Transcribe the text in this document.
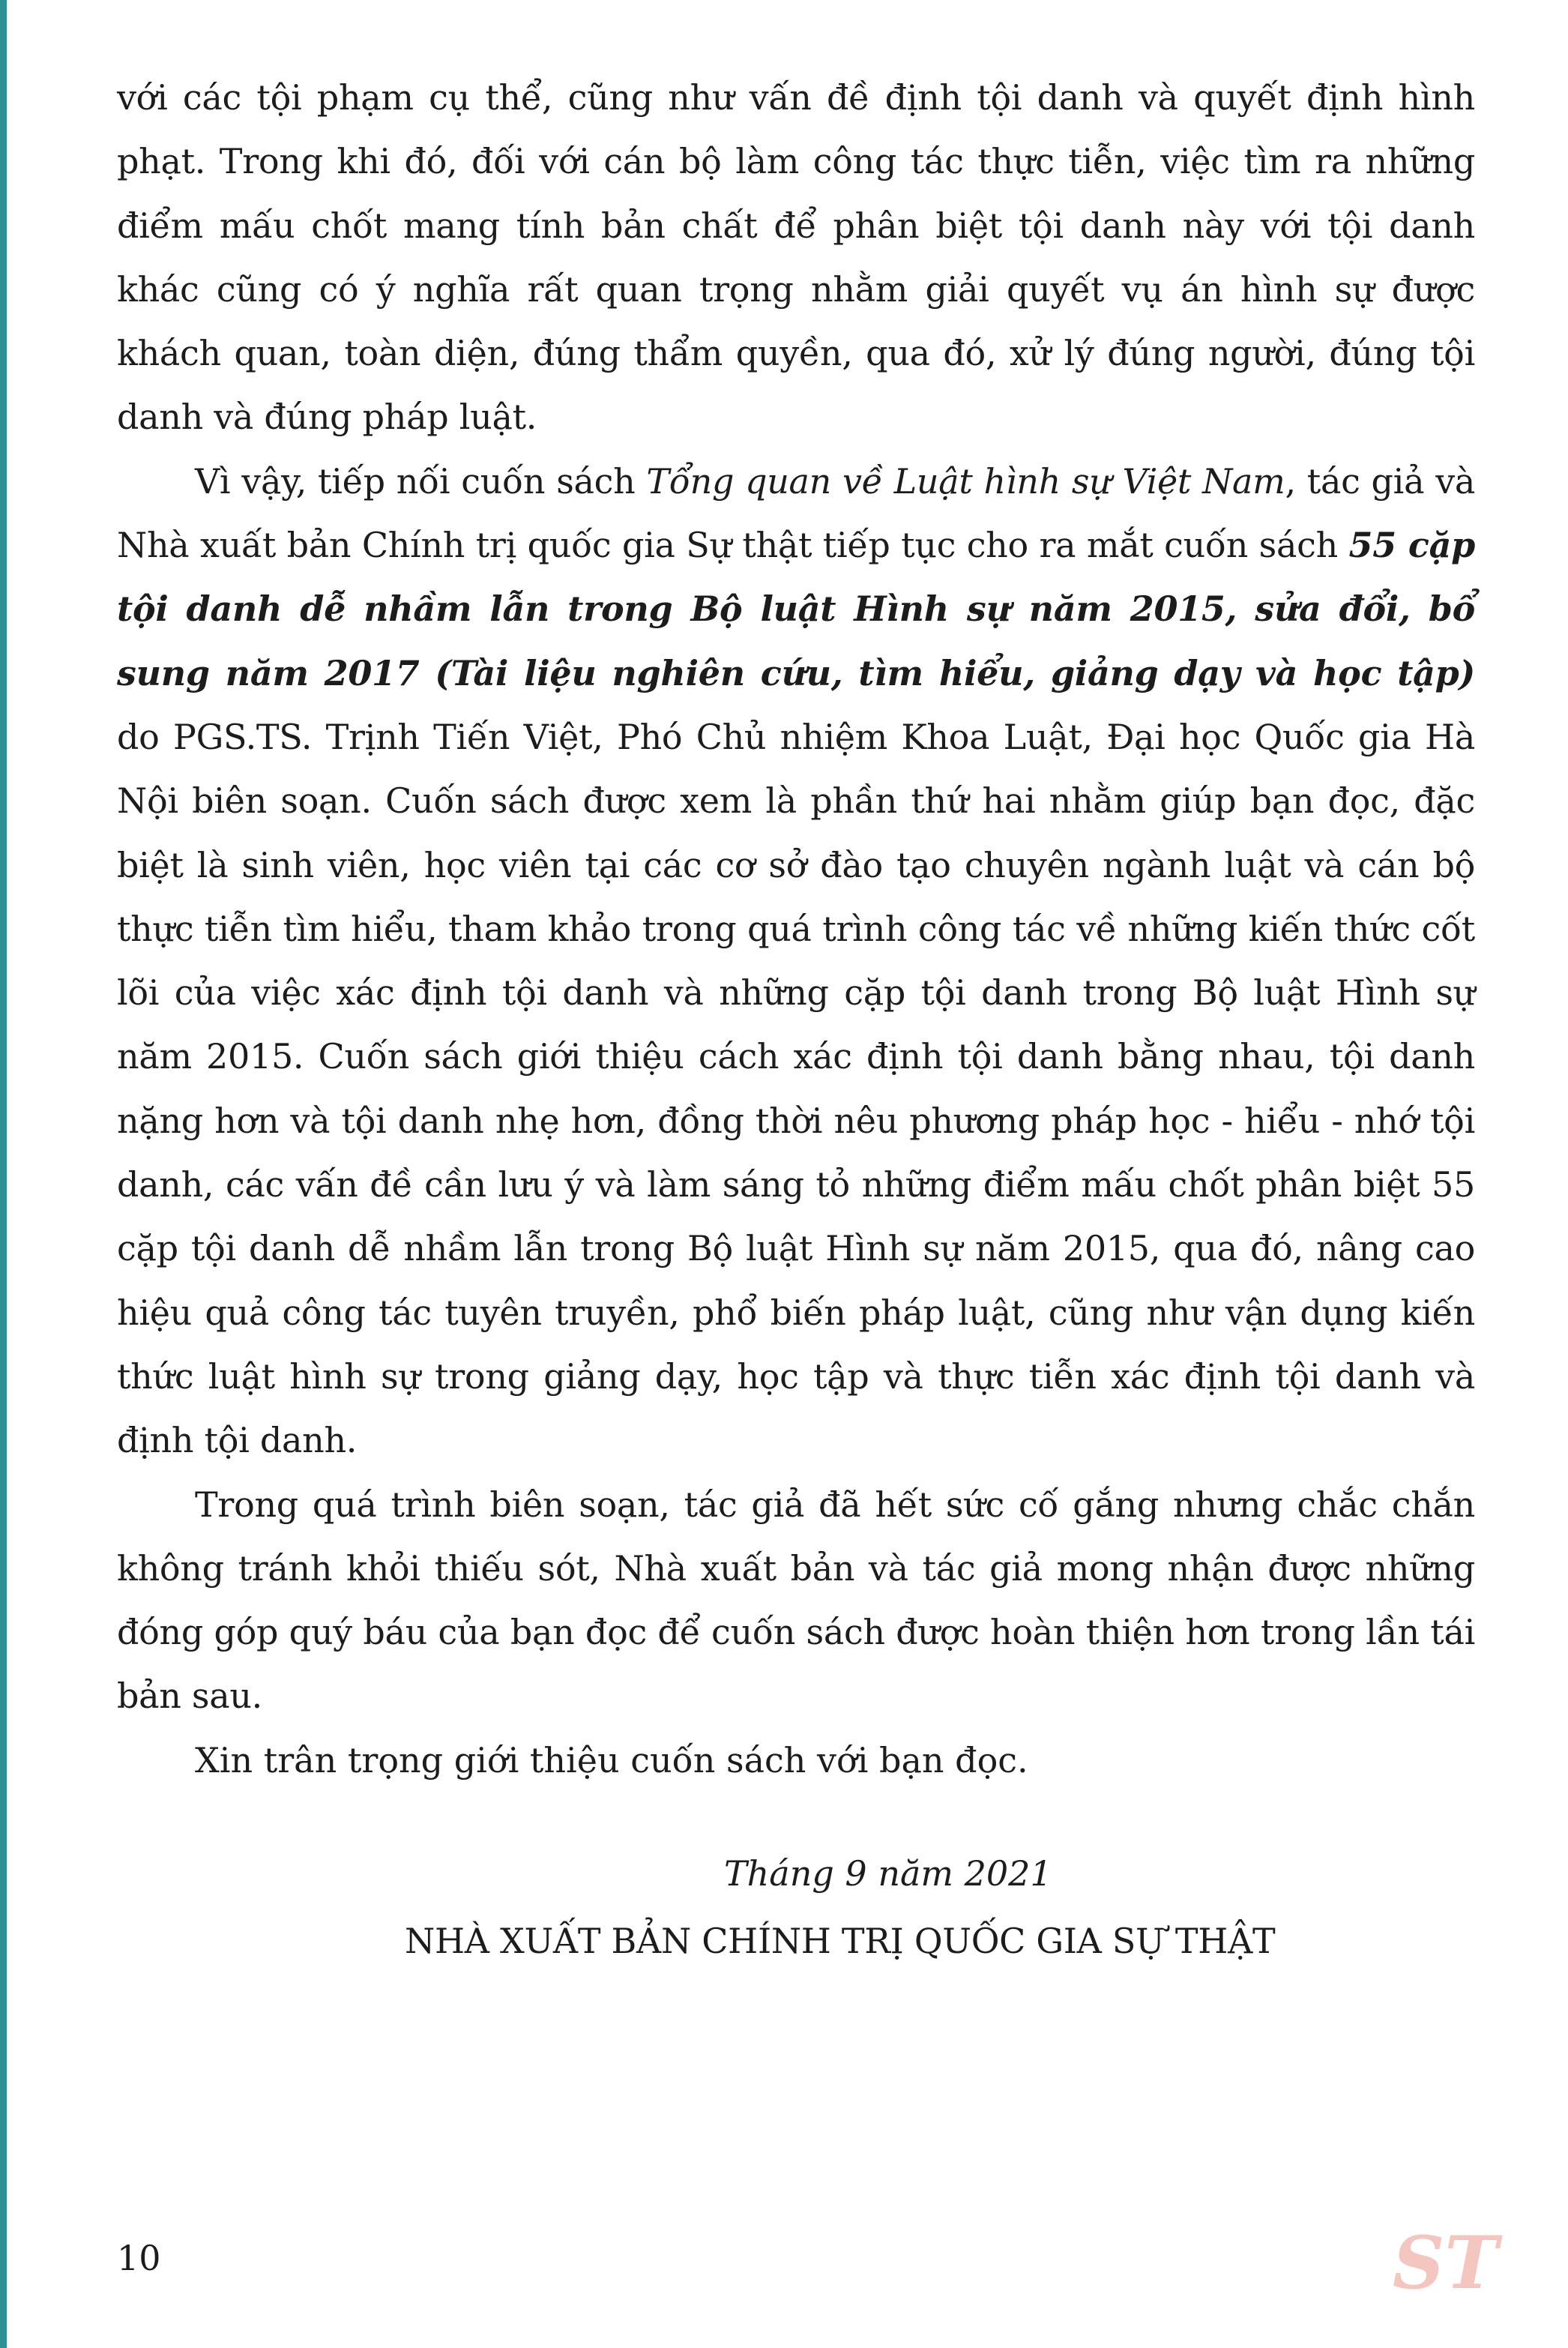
với các tội phạm cụ thể, cũng như vấn đề định tội danh và quyết định hình phạt. Trong khi đó, đối với cán bộ làm công tác thực tiễn, việc tìm ra những điểm mấu chốt mang tính bản chất để phân biệt tội danh này với tội danh khác cũng có ý nghĩa rất quan trọng nhằm giải quyết vụ án hình sự được khách quan, toàn diện, đúng thẩm quyền, qua đó, xử lý đúng người, đúng tội danh và đúng pháp luật.

Vì vậy, tiếp nối cuốn sách Tổng quan về Luật hình sự Việt Nam, tác giả và Nhà xuất bản Chính trị quốc gia Sự thật tiếp tục cho ra mắt cuốn sách 55 cặp tội danh dễ nhầm lẫn trong Bộ luật Hình sự năm 2015, sửa đổi, bổ sung năm 2017 (Tài liệu nghiên cứu, tìm hiểu, giảng dạy và học tập) do PGS.TS. Trịnh Tiến Việt, Phó Chủ nhiệm Khoa Luật, Đại học Quốc gia Hà Nội biên soạn. Cuốn sách được xem là phần thứ hai nhằm giúp bạn đọc, đặc biệt là sinh viên, học viên tại các cơ sở đào tạo chuyên ngành luật và cán bộ thực tiễn tìm hiểu, tham khảo trong quá trình công tác về những kiến thức cốt lõi của việc xác định tội danh và những cặp tội danh trong Bộ luật Hình sự năm 2015. Cuốn sách giới thiệu cách xác định tội danh bằng nhau, tội danh nặng hơn và tội danh nhẹ hơn, đồng thời nêu phương pháp học - hiểu - nhớ tội danh, các vấn đề cần lưu ý và làm sáng tỏ những điểm mấu chốt phân biệt 55 cặp tội danh dễ nhầm lẫn trong Bộ luật Hình sự năm 2015, qua đó, nâng cao hiệu quả công tác tuyên truyền, phổ biến pháp luật, cũng như vận dụng kiến thức luật hình sự trong giảng dạy, học tập và thực tiễn xác định tội danh và định tội danh.

Trong quá trình biên soạn, tác giả đã hết sức cố gắng nhưng chắc chắn không tránh khỏi thiếu sót, Nhà xuất bản và tác giả mong nhận được những đóng góp quý báu của bạn đọc để cuốn sách được hoàn thiện hơn trong lần tái bản sau.

Xin trân trọng giới thiệu cuốn sách với bạn đọc.

Tháng 9 năm 2021
NHÀ XUẤT BẢN CHÍNH TRỊ QUỐC GIA SỰ THẬT
10	ST
